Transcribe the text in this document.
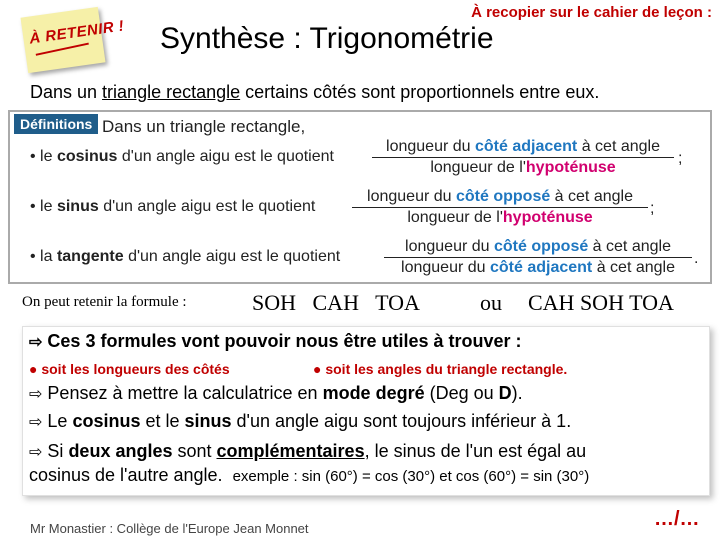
À recopier sur le cahier de leçon :
À RETENIR ! Synthèse : Trigonométrie
Dans un triangle rectangle certains côtés sont proportionnels entre eux.
Définitions Dans un triangle rectangle,
• le cosinus d'un angle aigu est le quotient
longueur du côté adjacent à cet angle
longueur de l'hypoténuse
;
• le sinus d'un angle aigu est le quotient
longueur du côté opposé à cet angle
longueur de l'hypoténuse
;
• la tangente d'un angle aigu est le quotient
longueur du côté opposé à cet angle
longueur du côté adjacent à cet angle
.
On peut retenir la formule :	SOH   CAH   TOA	ou CAH SOH TOA
⇨ Ces 3 formules vont pouvoir nous être utiles à trouver :
● soit les longueurs des côtés	● soit les angles du triangle rectangle.
⇨ Pensez à mettre la calculatrice en mode degré (Deg ou D).
⇨ Le cosinus et le sinus d'un angle aigu sont toujours inférieur à 1.
⇨ Si deux angles sont complémentaires, le sinus de l'un est égal au
cosinus de l'autre angle. exemple : sin (60°) = cos (30°) et cos (60°) = sin (30°)
Mr Monastier : Collège de l'Europe Jean Monnet	…/…
